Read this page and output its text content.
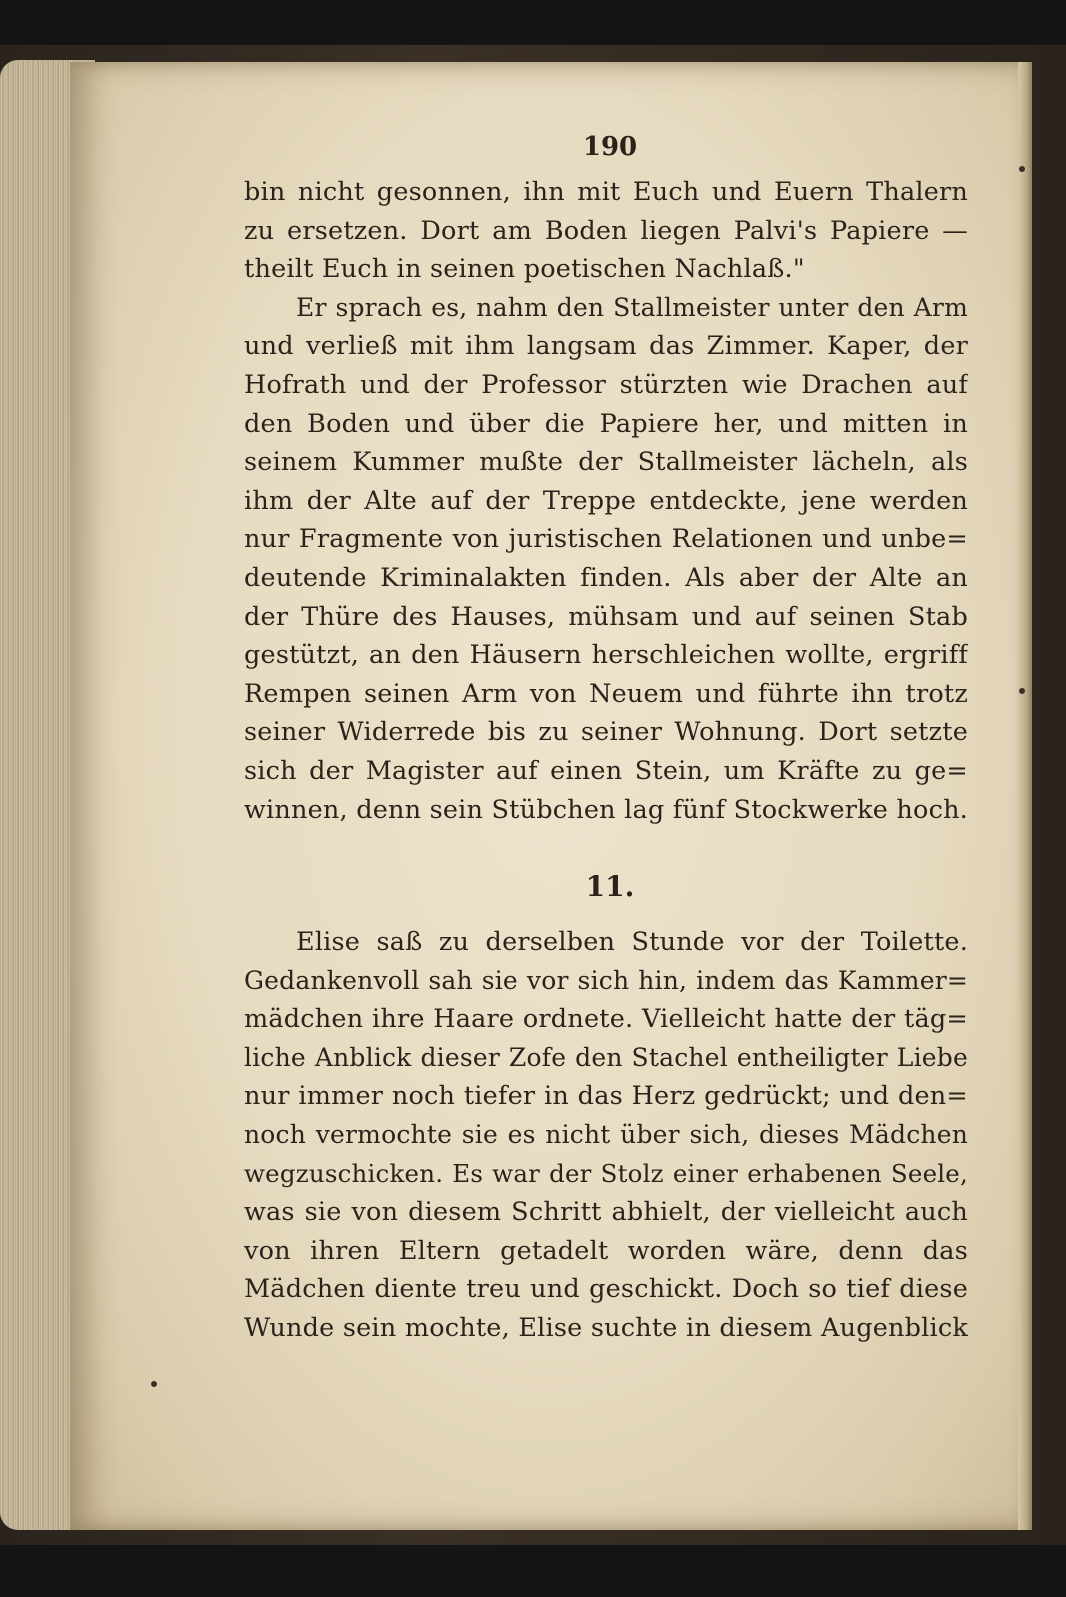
190
bin nicht gesonnen, ihn mit Euch und Euern Thalern
zu ersetzen. Dort am Boden liegen Palvi's Papiere —
theilt Euch in seinen poetischen Nachlaß."
Er sprach es, nahm den Stallmeister unter den Arm
und verließ mit ihm langsam das Zimmer. Kaper, der
Hofrath und der Professor stürzten wie Drachen auf
den Boden und über die Papiere her, und mitten in
seinem Kummer mußte der Stallmeister lächeln, als
ihm der Alte auf der Treppe entdeckte, jene werden
nur Fragmente von juristischen Relationen und unbe=
deutende Kriminalakten finden. Als aber der Alte an
der Thüre des Hauses, mühsam und auf seinen Stab
gestützt, an den Häusern herschleichen wollte, ergriff
Rempen seinen Arm von Neuem und führte ihn trotz
seiner Widerrede bis zu seiner Wohnung. Dort setzte
sich der Magister auf einen Stein, um Kräfte zu ge=
winnen, denn sein Stübchen lag fünf Stockwerke hoch.
11.
Elise saß zu derselben Stunde vor der Toilette.
Gedankenvoll sah sie vor sich hin, indem das Kammer=
mädchen ihre Haare ordnete. Vielleicht hatte der täg=
liche Anblick dieser Zofe den Stachel entheiligter Liebe
nur immer noch tiefer in das Herz gedrückt; und den=
noch vermochte sie es nicht über sich, dieses Mädchen
wegzuschicken. Es war der Stolz einer erhabenen Seele,
was sie von diesem Schritt abhielt, der vielleicht auch
von ihren Eltern getadelt worden wäre, denn das
Mädchen diente treu und geschickt. Doch so tief diese
Wunde sein mochte, Elise suchte in diesem Augenblick
